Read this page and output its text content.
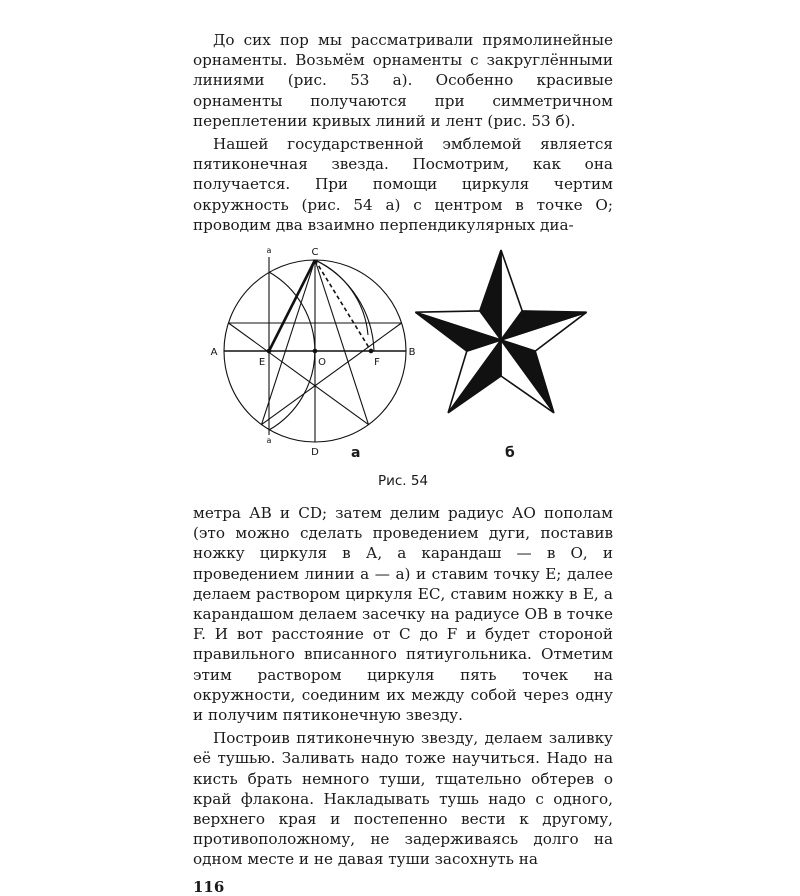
До сих пор мы рассматривали прямолинейные орнаменты. Возьмём орнаменты с закруглёнными линиями (рис. 53 а). Особенно красивые орнаменты получаются при симметричном переплетении кривых линий и лент (рис. 53 б).

Нашей государственной эмблемой является пятиконечная звезда. Посмотрим, как она получается. При помощи циркуля чертим окружность (рис. 54 а) с центром в точке О; проводим два взаимно перпендикулярных диа-

C
D
A	B
E	O	F
а
а
а	б
Рис. 54

метра АВ и CD; затем делим радиус АО пополам (это можно сделать проведением дуги, поставив ножку циркуля в А, а карандаш — в О, и проведением линии а — а) и ставим точку Е; далее делаем раствором циркуля ЕС, ставим ножку в Е, а карандашом делаем засечку на радиусе ОВ в точке F. И вот расстояние от С до F и будет стороной правильного вписанного пятиугольника. Отметим этим раствором циркуля пять точек на окружности, соединим их между собой через одну и получим пятиконечную звезду.

Построив пятиконечную звезду, делаем заливку её тушью. Заливать надо тоже научиться. Надо на кисть брать немного туши, тщательно обтерев о край флакона. Накладывать тушь надо с одного, верхнего края и постепенно вести к другому, противоположному, не задерживаясь долго на одном месте и не давая туши засохнуть на

116
